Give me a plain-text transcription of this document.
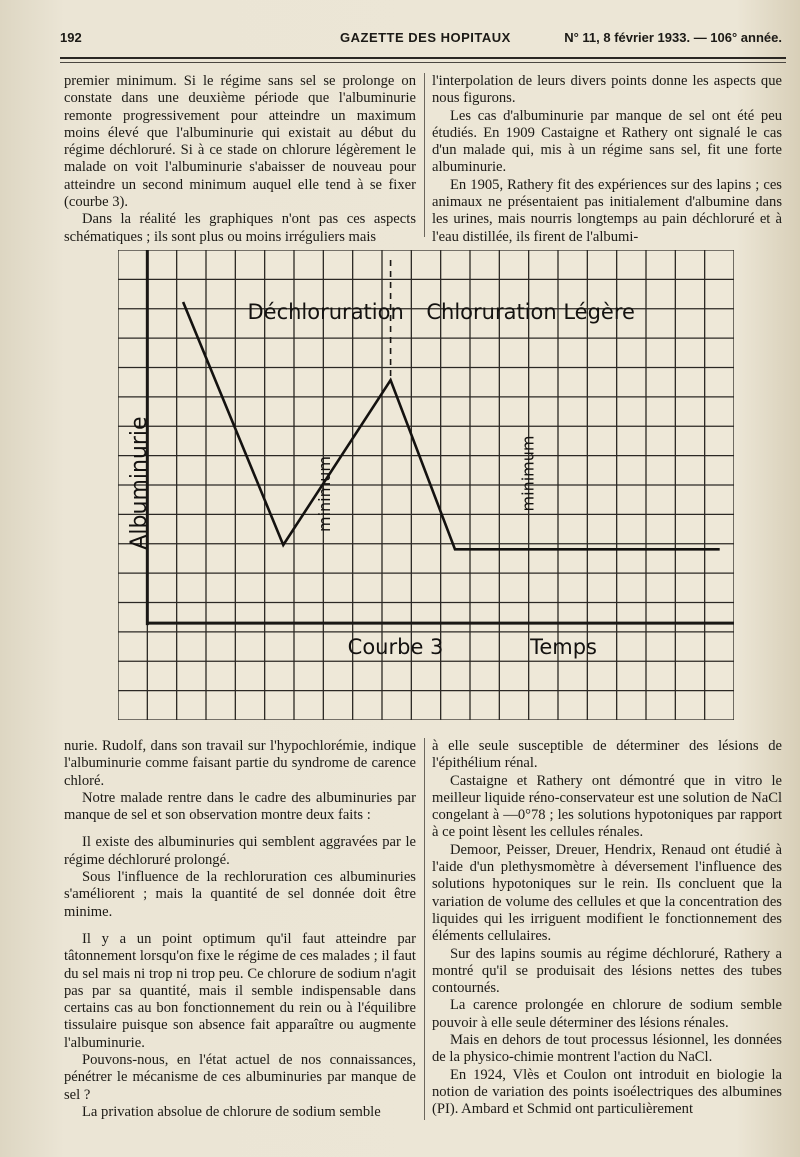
192	GAZETTE DES HOPITAUX	N° 11, 8 février 1933. — 106° année.

premier minimum. Si le régime sans sel se prolonge on constate dans une deuxième période que l'albuminurie remonte progressivement pour atteindre un maximum moins élevé que l'albuminurie qui existait au début du régime déchloruré. Si à ce stade on chlorure légèrement le malade on voit l'albuminurie s'abaisser de nouveau pour atteindre un second minimum auquel elle tend à se fixer (courbe 3).

Dans la réalité les graphiques n'ont pas ces aspects schématiques ; ils sont plus ou moins irréguliers mais

l'interpolation de leurs divers points donne les aspects que nous figurons.

Les cas d'albuminurie par manque de sel ont été peu étudiés. En 1909 Castaigne et Rathery ont signalé le cas d'un malade qui, mis à un régime sans sel, fit une forte albuminurie.

En 1905, Rathery fit des expériences sur des lapins ; ces animaux ne présentaient pas initialement d'albumine dans les urines, mais nourris longtemps au pain déchloruré et à l'eau distillée, ils firent de l'albumi-

Déchloruration Chloruration Légère
Albuminurie	minimum	minimum
Courbe 3	Temps

nurie. Rudolf, dans son travail sur l'hypochlorémie, indique l'albuminurie comme faisant partie du syndrome de carence chloré.

Notre malade rentre dans le cadre des albuminuries par manque de sel et son observation montre deux faits :

Il existe des albuminuries qui semblent aggravées par le régime déchloruré prolongé.

Sous l'influence de la rechloruration ces albuminuries s'améliorent ; mais la quantité de sel donnée doit être minime.

Il y a un point optimum qu'il faut atteindre par tâtonnement lorsqu'on fixe le régime de ces malades ; il faut du sel mais ni trop ni trop peu. Ce chlorure de sodium n'agit pas par sa quantité, mais il semble indispensable dans certains cas au bon fonctionnement du rein ou à l'équilibre tissulaire puisque son absence fait apparaître ou augmente l'albuminurie.

Pouvons-nous, en l'état actuel de nos connaissances, pénétrer le mécanisme de ces albuminuries par manque de sel ?

La privation absolue de chlorure de sodium semble

à elle seule susceptible de déterminer des lésions de l'épithélium rénal.

Castaigne et Rathery ont démontré que in vitro le meilleur liquide réno-conservateur est une solution de NaCl congelant à —0°78 ; les solutions hypotoniques par rapport à ce point lèsent les cellules rénales.

Demoor, Peisser, Dreuer, Hendrix, Renaud ont étudié à l'aide d'un plethysmomètre à déversement l'influence des solutions hypotoniques sur le rein. Ils concluent que la variation de volume des cellules et que la concentration des liquides qui les irriguent modifient le fonctionnement des éléments cellulaires.

Sur des lapins soumis au régime déchloruré, Rathery a montré qu'il se produisait des lésions nettes des tubes contournés.

La carence prolongée en chlorure de sodium semble pouvoir à elle seule déterminer des lésions rénales.

Mais en dehors de tout processus lésionnel, les données de la physico-chimie montrent l'action du NaCl.

En 1924, Vlès et Coulon ont introduit en biologie la notion de variation des points isoélectriques des albumines (PI). Ambard et Schmid ont particulièrement
